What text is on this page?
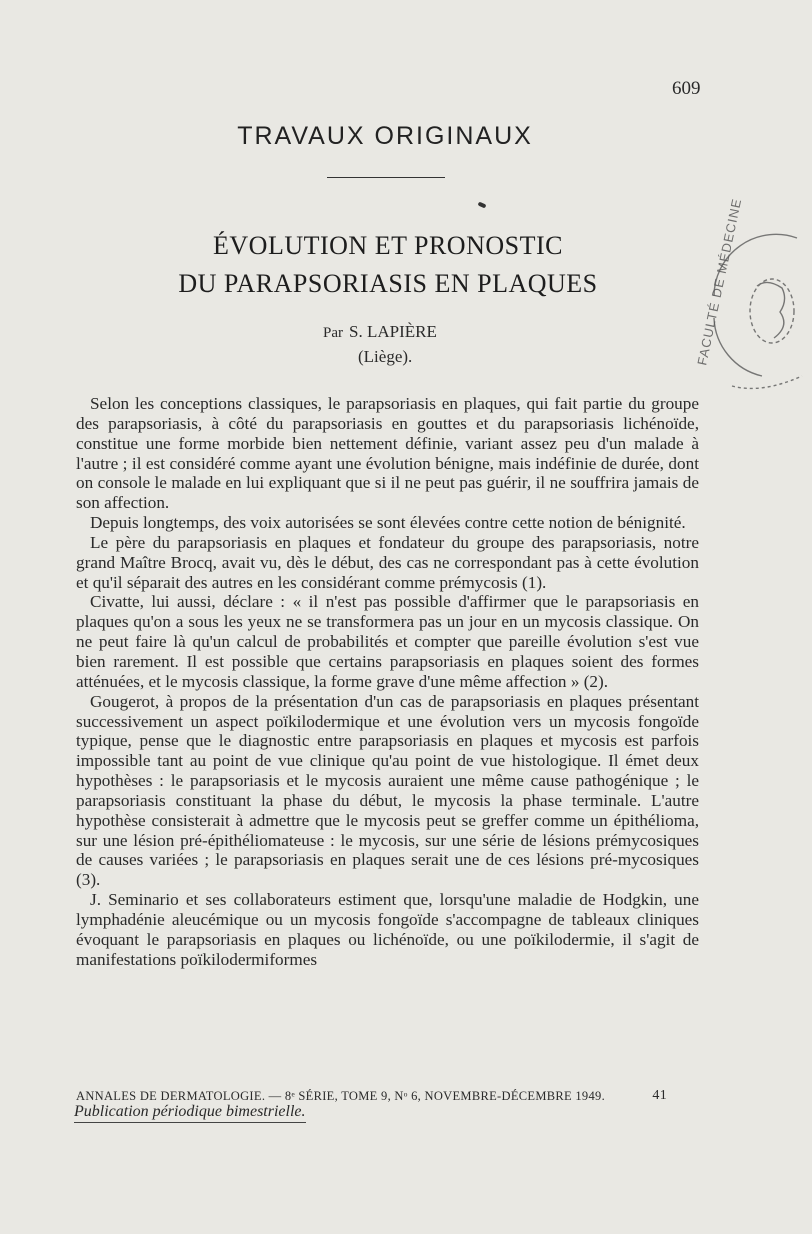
609
TRAVAUX ORIGINAUX
ÉVOLUTION ET PRONOSTIC
DU PARAPSORIASIS EN PLAQUES
Par S. LAPIÈRE
(Liège).	FACULTÉ DE MÉDECINE

Selon les conceptions classiques, le parapsoriasis en plaques, qui fait partie du groupe des parapsoriasis, à côté du parapsoriasis en gouttes et du parapsoriasis lichénoïde, constitue une forme morbide bien nettement définie, variant assez peu d'un malade à l'autre ; il est considéré comme ayant une évolution bénigne, mais indéfinie de durée, dont on console le malade en lui expliquant que si il ne peut pas guérir, il ne souffrira jamais de son affection.

Depuis longtemps, des voix autorisées se sont élevées contre cette notion de bénignité.

Le père du parapsoriasis en plaques et fondateur du groupe des parapsoriasis, notre grand Maître Brocq, avait vu, dès le début, des cas ne correspondant pas à cette évolution et qu'il séparait des autres en les considérant comme prémycosis (1).

Civatte, lui aussi, déclare : « il n'est pas possible d'affirmer que le parapsoriasis en plaques qu'on a sous les yeux ne se transformera pas un jour en un mycosis classique. On ne peut faire là qu'un calcul de probabilités et compter que pareille évolution s'est vue bien rarement. Il est possible que certains parapsoriasis en plaques soient des formes atténuées, et le mycosis classique, la forme grave d'une même affection » (2).

Gougerot, à propos de la présentation d'un cas de parapsoriasis en plaques présentant successivement un aspect poïkilodermique et une évolution vers un mycosis fongoïde typique, pense que le diagnostic entre parapsoriasis en plaques et mycosis est parfois impossible tant au point de vue clinique qu'au point de vue histologique. Il émet deux hypothèses : le parapsoriasis et le mycosis auraient une même cause pathogénique ; le parapsoriasis constituant la phase du début, le mycosis la phase terminale. L'autre hypothèse consisterait à admettre que le mycosis peut se greffer comme un épithélioma, sur une lésion pré-épithéliomateuse : le mycosis, sur une série de lésions prémycosiques de causes variées ; le parapsoriasis en plaques serait une de ces lésions pré-mycosiques (3).

J. Seminario et ses collaborateurs estiment que, lorsqu'une maladie de Hodgkin, une lymphadénie aleucémique ou un mycosis fongoïde s'accompagne de tableaux cliniques évoquant le parapsoriasis en plaques ou lichénoïde, ou une poïkilodermie, il s'agit de manifestations poïkilodermiformes

ANNALES DE DERMATOLOGIE. — 8ᵉ SÉRIE, TOME 9, Nᵒ 6, NOVEMBRE-DÉCEMBRE 1949.	41
Publication périodique bimestrielle.
